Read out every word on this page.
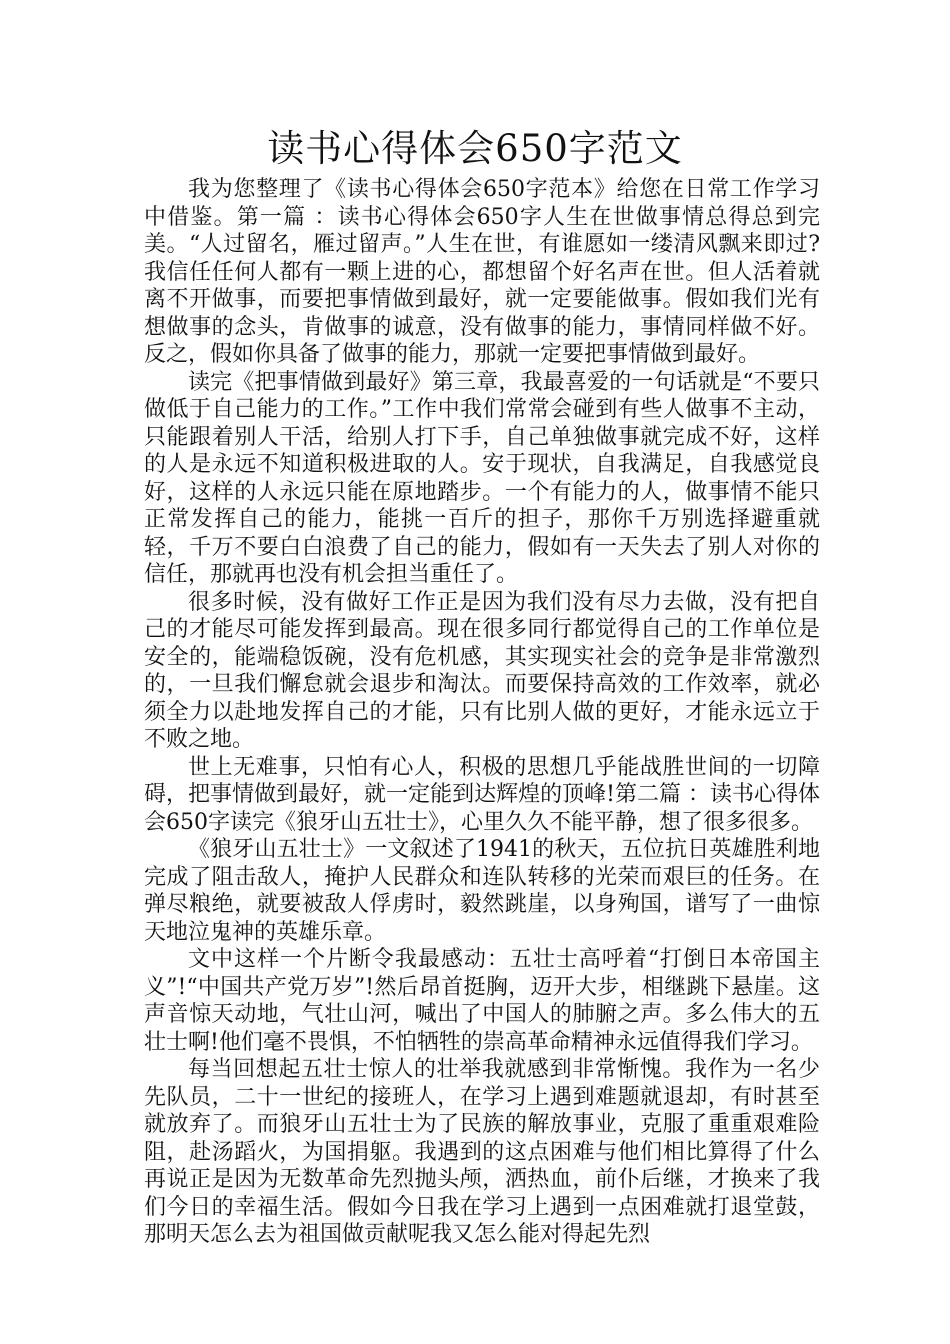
读书心得体会650字范文

我为您整理了《读书心得体会650字范本》给您在日常工作学习中借鉴。第一篇 ：读书心得体会650字人生在世做事情总得总到完美。“人过留名，雁过留声。”人生在世，有谁愿如一缕清风飘来即过?我信任任何人都有一颗上进的心，都想留个好名声在世。但人活着就离不开做事，而要把事情做到最好，就一定要能做事。假如我们光有想做事的念头，肯做事的诚意，没有做事的能力，事情同样做不好。反之，假如你具备了做事的能力，那就一定要把事情做到最好。

读完《把事情做到最好》第三章，我最喜爱的一句话就是“不要只做低于自己能力的工作。”工作中我们常常会碰到有些人做事不主动，只能跟着别人干活，给别人打下手，自己单独做事就完成不好，这样的人是永远不知道积极进取的人。安于现状，自我满足，自我感觉良好，这样的人永远只能在原地踏步。一个有能力的人，做事情不能只正常发挥自己的能力，能挑一百斤的担子，那你千万别选择避重就轻，千万不要白白浪费了自己的能力，假如有一天失去了别人对你的信任，那就再也没有机会担当重任了。

很多时候，没有做好工作正是因为我们没有尽力去做，没有把自己的才能尽可能发挥到最高。现在很多同行都觉得自己的工作单位是安全的，能端稳饭碗，没有危机感，其实现实社会的竞争是非常激烈的，一旦我们懈怠就会退步和淘汰。而要保持高效的工作效率，就必须全力以赴地发挥自己的才能，只有比别人做的更好，才能永远立于不败之地。

世上无难事，只怕有心人，积极的思想几乎能战胜世间的一切障碍，把事情做到最好，就一定能到达辉煌的顶峰!第二篇 ：读书心得体会650字读完《狼牙山五壮士》，心里久久不能平静，想了很多很多。

《狼牙山五壮士》一文叙述了1941的秋天，五位抗日英雄胜利地完成了阻击敌人，掩护人民群众和连队转移的光荣而艰巨的任务。在弹尽粮绝，就要被敌人俘虏时，毅然跳崖，以身殉国，谱写了一曲惊天地泣鬼神的英雄乐章。

文中这样一个片断令我最感动：五壮士高呼着“打倒日本帝国主义”!“中国共产党万岁”!然后昂首挺胸，迈开大步，相继跳下悬崖。这声音惊天动地，气壮山河，喊出了中国人的肺腑之声。多么伟大的五壮士啊!他们毫不畏惧，不怕牺牲的崇高革命精神永远值得我们学习。

每当回想起五壮士惊人的壮举我就感到非常惭愧。我作为一名少先队员，二十一世纪的接班人，在学习上遇到难题就退却，有时甚至就放弃了。而狼牙山五壮士为了民族的解放事业，克服了重重艰难险阻，赴汤蹈火，为国捐躯。我遇到的这点困难与他们相比算得了什么再说正是因为无数革命先烈抛头颅，洒热血，前仆后继，才换来了我们今日的幸福生活。假如今日我在学习上遇到一点困难就打退堂鼓，那明天怎么去为祖国做贡献呢我又怎么能对得起先烈
